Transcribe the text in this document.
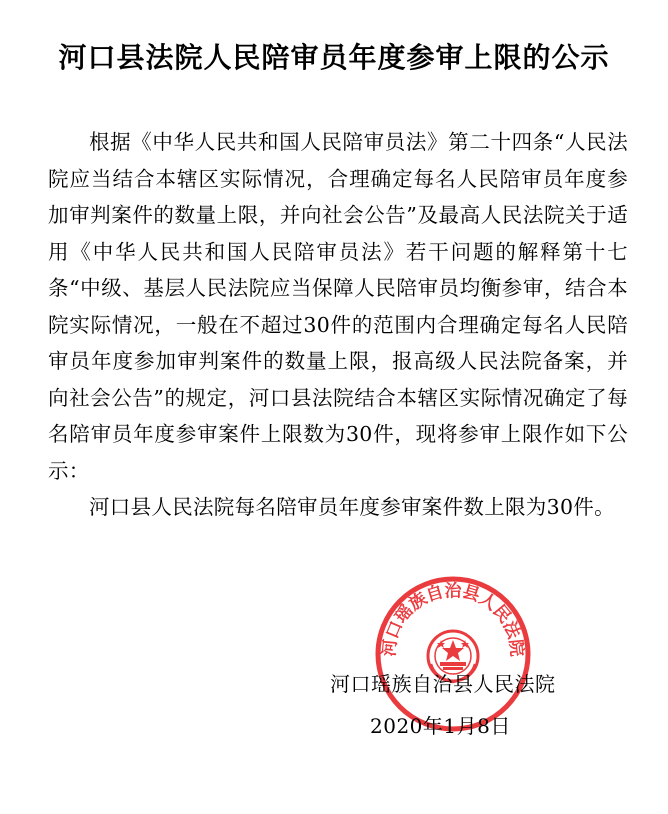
河口县法院人民陪审员年度参审上限的公示

根据《中华人民共和国人民陪审员法》第二十四条“人民法院应当结合本辖区实际情况，合理确定每名人民陪审员年度参加审判案件的数量上限，并向社会公告”及最高人民法院关于适用《中华人民共和国人民陪审员法》若干问题的解释第十七条“中级、基层人民法院应当保障人民陪审员均衡参审，结合本院实际情况，一般在不超过30件的范围内合理确定每名人民陪审员年度参加审判案件的数量上限，报高级人民法院备案，并向社会公告”的规定，河口县法院结合本辖区实际情况确定了每名陪审员年度参审案件上限数为30件，现将参审上限作如下公示：

河口县人民法院每名陪审员年度参审案件数上限为30件。

河口瑶族自治县人民法院
河口瑶族自治县人民法院
2020年1月8日
